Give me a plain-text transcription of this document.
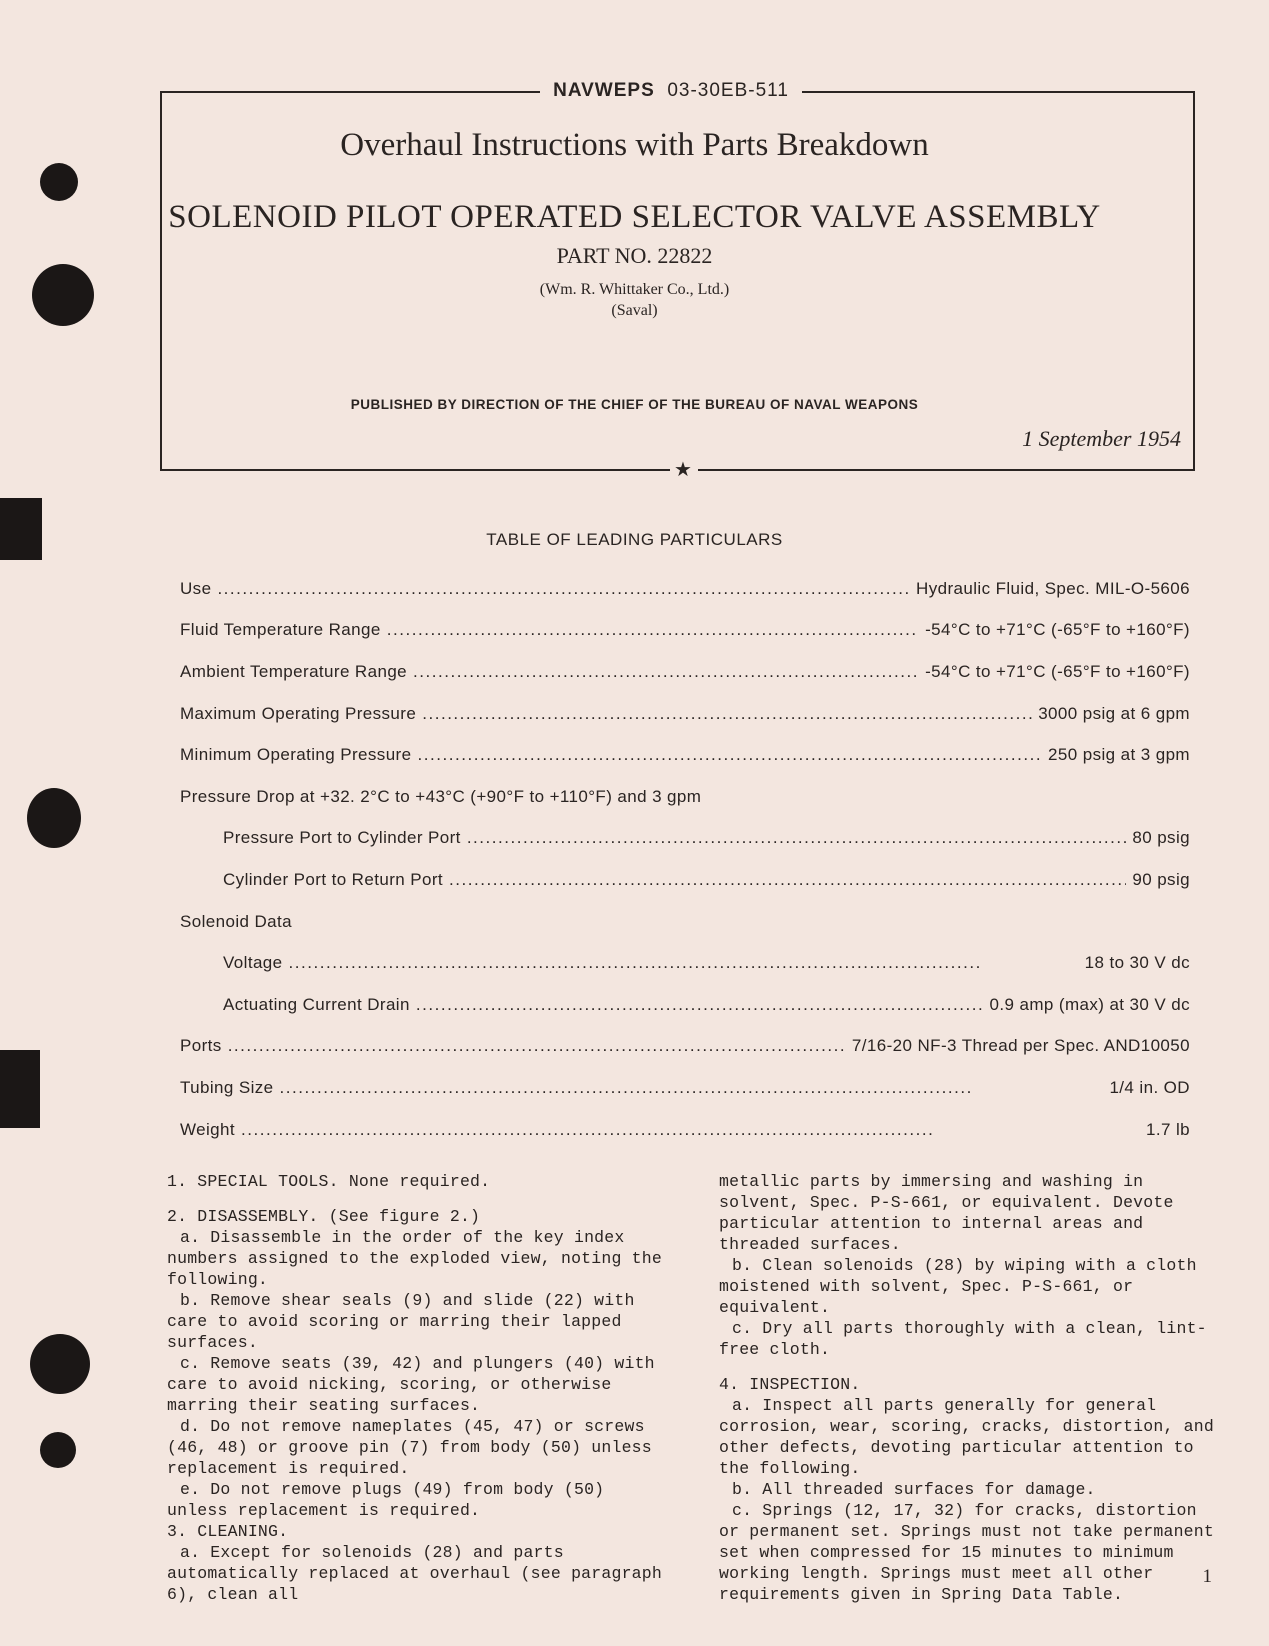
NAVWEPS 03-30EB-511
Overhaul Instructions with Parts Breakdown
SOLENOID PILOT OPERATED SELECTOR VALVE ASSEMBLY
PART NO. 22822
(Wm. R. Whittaker Co., Ltd.)
(Saval)
PUBLISHED BY DIRECTION OF THE CHIEF OF THE BUREAU OF NAVAL WEAPONS
1 September 1954
★
TABLE OF LEADING PARTICULARS
Use . . .	Hydraulic Fluid, Spec. MIL-O-5606
Fluid Temperature Range . . .	-54°C to +71°C (-65°F to +160°F)
Ambient Temperature Range . . .	-54°C to +71°C (-65°F to +160°F)
Maximum Operating Pressure . . .	3000 psig at 6 gpm
Minimum Operating Pressure . . .	250 psig at 3 gpm
Pressure Drop at +32. 2°C to +43°C (+90°F to +110°F) and 3 gpm
Pressure Port to Cylinder Port . . .	80 psig
Cylinder Port to Return Port . . .	90 psig
Solenoid Data
Voltage . . .	18 to 30 V dc
Actuating Current Drain . . .	0.9 amp (max) at 30 V dc
Ports . . .	7/16-20 NF-3 Thread per Spec. AND10050
Tubing Size . . .	1/4 in. OD
Weight . . .	1.7 lb

1. SPECIAL TOOLS. None required.

2. DISASSEMBLY. (See figure 2.)

a. Disassemble in the order of the key index numbers assigned to the exploded view, noting the following.

b. Remove shear seals (9) and slide (22) with care to avoid scoring or marring their lapped surfaces.

c. Remove seats (39, 42) and plungers (40) with care to avoid nicking, scoring, or otherwise marring their seating surfaces.

d. Do not remove nameplates (45, 47) or screws (46, 48) or groove pin (7) from body (50) unless replacement is required.

e. Do not remove plugs (49) from body (50) unless replacement is required.

3. CLEANING.

a. Except for solenoids (28) and parts automatically replaced at overhaul (see paragraph 6), clean all

metallic parts by immersing and washing in solvent, Spec. P-S-661, or equivalent. Devote particular attention to internal areas and threaded surfaces.

b. Clean solenoids (28) by wiping with a cloth moistened with solvent, Spec. P-S-661, or equivalent.

c. Dry all parts thoroughly with a clean, lint-free cloth.

4. INSPECTION.

a. Inspect all parts generally for general corrosion, wear, scoring, cracks, distortion, and other defects, devoting particular attention to the following.

b. All threaded surfaces for damage.

c. Springs (12, 17, 32) for cracks, distortion or permanent set. Springs must not take permanent set when compressed for 15 minutes to minimum working length. Springs must meet all other requirements given in Spring Data Table.

1
